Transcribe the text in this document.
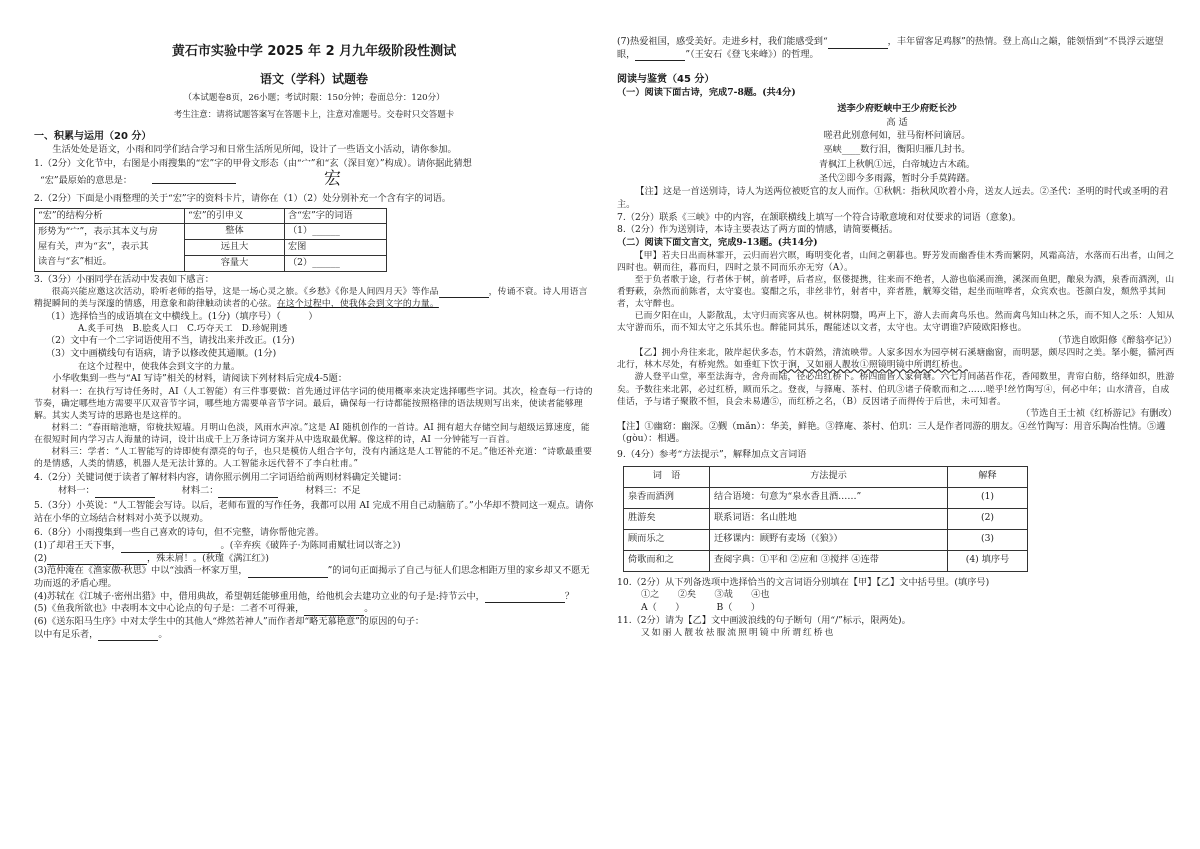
黄石市实验中学 2025 年 2 月九年级阶段性测试
语文（学科）试题卷
（本试题卷8页，26小题；考试时限：150分钟；卷面总分：120分）
考生注意：请将试题答案写在答题卡上，注意对准题号。交卷时只交答题卡
一、积累与运用（20 分）

生活处处是语文，小雨和同学们结合学习和日常生活所见所闻，设计了一些语文小活动，请你参加。

1.（2分）文化节中，右图是小雨搜集的“宏”字的甲骨文形态（由“宀”和“玄（深目宽）”构成）。请你据此猜想

“宏”最原始的意思是：	宏

2.（2分）下面是小雨整理的关于“宏”字的资料卡片，请你在（1）（2）处分别补充一个含有字的词语。

“宏”的结构分析	“宏”的引申义	含“宏”字的词语
形势为“宀”，表示其本义与房
屋有关，声为“玄”，表示其
读音与“玄”相近。	整体	（1）______
	远且大	宏图
	容量大	（2）______

3.（3分）小丽同学在活动中发表如下感言：

很高兴能应邀这次活动，聆听老师的指导，这是一场心灵之旅。《乡愁》《你是人间四月天》等作品	，传诵不衰。诗人用语言精捉瞬间的美与深邃的情感，用意象和韵律触动读者的心弦。在这个过程中，使我体会到文字的力量。

（1）选择恰当的成语填在文中横线上。(1分)（填序号）（　　　）

A.炙手可热　B.脍炙人口　C.巧夺天工　D.珍妮荆透

（2）文中有一个二字词语使用不当，请找出来并改正。(1分)

（3）文中画横线句有语病，请予以修改使其通顺。(1分)

在这个过程中，使我体会到文字的力量。

小华收集到一些与“AI 写诗”相关的材料，请阅读下列材料后完成4-5题：

材料一：在执行写诗任务时，AI（人工智能）有三件事要做：首先通过评估字词的使用概率来决定选择哪些字词。其次，检查每一行诗的节奏，确定哪些地方需要平仄双音节字词，哪些地方需要单音节字词。最后，确保每一行诗都能按照格律的语法规则写出来，使读者能够理解。其实人类写诗的思路也是这样的。

材料二：“春雨暗池塘，帘栊扶短墙。月明山色淡，风雨水声凉。”这是 AI 随机创作的一首诗。AI 拥有超大存储空间与超级运算速度，能在很短时间内学习古人海量的诗词，设计出成千上万条诗词方案并从中选取最优解。像这样的诗，AI 一分钟能写一百首。

材料三：学者：“人工智能写的诗即使有漂亮的句子，也只是模仿人组合字句，没有内涵这是人工智能的不足。”他还补充道：“诗歌最重要的是情感，人类的情感，机器人是无法计算的。人工智能永远代替不了李白杜甫。”

4.（2分）关键词便于读者了解材料内容，请你照示例用二字词语给前两则材料确定关键词：

材料一：	材料二：	材料三：不足

5.（3分）小英说：“人工智能会写诗。以后，老师布置的写作任务，我都可以用 AI 完成不用自己动脑筋了。”小华却不赞同这一观点。请你站在小华的立场结合材料对小英予以规劝。

6.（8分）小雨搜集到一些自己喜欢的诗句，但不完整，请你帮他完善。

(1)了却君王天下事，	。(辛弃疾《破阵子·为陈同甫赋壮词以寄之》)

(2)	，殊未屑！。(秋瑾《满江红》)

(3)范仲淹在《渔家傲·秋思》中以“浊酒一杯家万里，	”的词句正面揭示了自己与征人们思念相距万里的家乡却又不愿无功而返的矛盾心理。

(4)苏轼在《江城子·密州出猎》中，借用典故，希望朝廷能够重用他，给他机会去建功立业的句子是:持节云中，	？

(5)《鱼我所欲也》中表明本文中心论点的句子是：二者不可得兼，	。

(6)《送东阳马生序》中对太学生中的其他人“烨然若神人”而作者却“略无慕艳意”的原因的句子：

以中有足乐者，	。

(7)热爱祖国，感受美好。走进乡村，我们能感受到“	，丰年留客足鸡豚”的热情。登上高山之巅，能领悟到“不畏浮云遮望眼，	”（王安石《登飞来峰》）的哲理。

阅读与鉴赏（45 分）

（一）阅读下面古诗，完成7-8题。(共4分)

送李少府贬峡中王少府贬长沙

高 适

嗟君此别意何如，驻马衔杯问谪居。
巫峡____数行泪，衡阳归雁几封书。
青枫江上秋帆①远，白帝城边古木疏。
圣代②即今多雨露，暂时分手莫踌躇。

【注】这是一首送别诗，诗人为送两位被贬官的友人而作。①秋帆：指秋风吹着小舟，送友人远去。②圣代：圣明的时代或圣明的君主。

7.（2分）联系《三峡》中的内容，在颔联横线上填写一个符合诗歌意境和对仗要求的词语（意象)。

8.（2分）作为送别诗，本诗主要表达了两方面的情感，请简要概括。

（二）阅读下面文言文，完成9-13题。(共14分)

【甲】若夫日出而林霏开，云归而岩穴暝，晦明变化者，山间之朝暮也。野芳发而幽香佳木秀而繁阴，风霜高洁，水落而石出者，山间之四时也。朝而往，暮而归，四时之景不同而乐亦无穷（A）。

至于负者歌于途，行者休于树，前者呼，后者应，伛偻提携，往来而不绝者，人游也临溪而渔，溪深而鱼肥，酿泉为酒，泉香而酒洌，山肴野蔌，杂然而前陈者，太守宴也。宴酣之乐，非丝非竹，射者中，弈者胜，觥筹交错，起坐而喧哗者，众宾欢也。苍颜白发，颓然乎其间者，太守醉也。

已而夕阳在山，人影散乱，太守归而宾客从也。树林阴翳，鸣声上下，游人去而禽鸟乐也。然而禽鸟知山林之乐，而不知人之乐：人知从太守游而乐，而不知太守之乐其乐也。醉能同其乐，醒能述以文者，太守也。太守谓谁?庐陵欧阳修也。

（节选自欧阳修《醉翁亭记》）

【乙】拥小舟往来北，陂岸起伏多态，竹木蔚然，清流映带。人家多因水为园亭树石溪塘幽窗，而明瑟，颇尽四时之美。拏小艇，循河西北行，林木尽处，有桥宛然。如垂虹下饮于涧，又如丽人靓妆①照镜明镜中所谓红桥也。

游人登平山堂，率至法海寺，舍舟而陆，径必出红桥下。桥四面皆人家荷塘。六七月间菡萏作花，香闻数里，青帘白舫，络绎如织，胜游矣。予数往来北郭，必过红桥，顾而乐之。登夜，与箨庵、茶村、伯玑③诸子倚歌而和之……嗟乎!丝竹陶写④，何必中年；山水清音，自成佳话，予与诸子聚散不恒，良会未易遘⑤，而红桥之名，（B）反因诸子而得传于后世，未可知者。

（节选自王士祯《红桥游记》有删改）

【注】①幽窈：幽深。②觐（mǎn）：华美，鲜艳。③箨庵、茶村、伯玑：三人是作者同游的朋友。④丝竹陶写：用音乐陶冶性情。⑤遘（gòu）：相遇。

9.（4分）参考“方法提示”，解释加点文言词语

词　语	方法提示	解释
泉香而酒洌	结合语境：句意为“泉水香且酒……”	(1)
胜游矣	联系词语：名山胜地	(2)
顾而乐之	迁移课内：顾野有麦场（《狼》）	(3)
倚歌而和之	查阅字典：①平和 ②应和 ③搅拌 ④连带	(4) 填序号

10.（2分）从下列备选项中选择恰当的文言词语分别填在【甲】【乙】文中括号里。(填序号)

①之　　②矣　　③哉　　④也

A（　　）　　　　B（　　）

11.（2分）请为【乙】文中画波浪线的句子断句（用“/”标示，限两处)。

又如丽人靓妆袪服流照明镜中所谓红桥也
